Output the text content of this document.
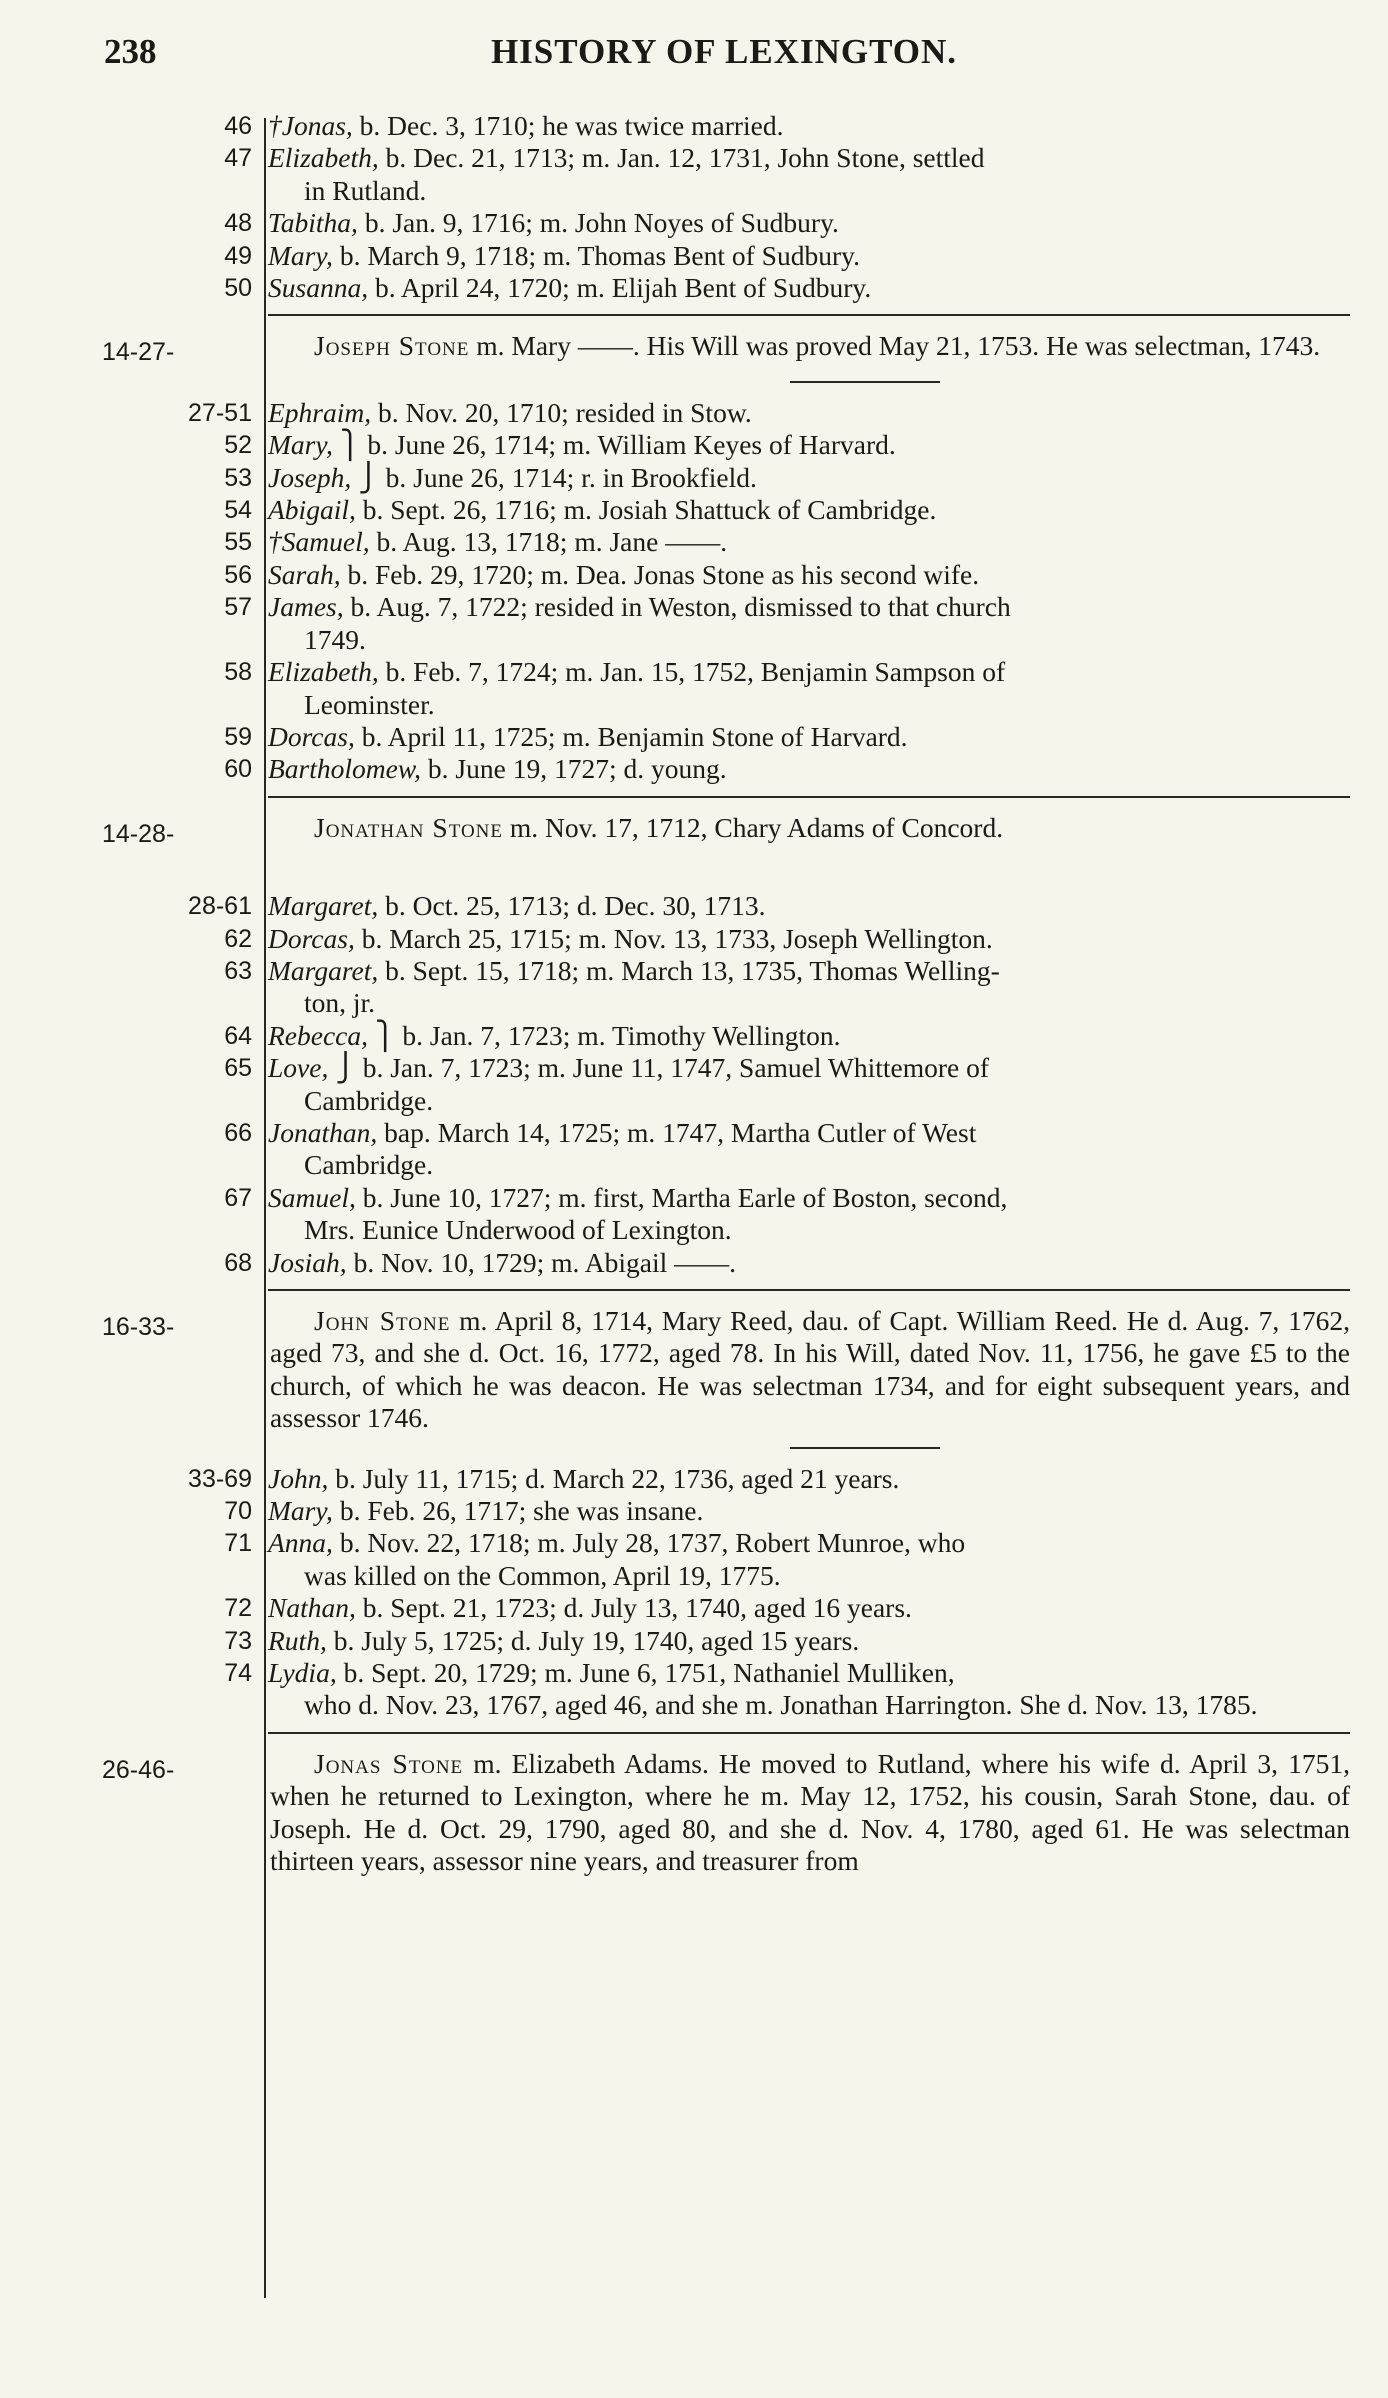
238	HISTORY OF LEXINGTON.
46 †Jonas, b. Dec. 3, 1710; he was twice married.
47 Elizabeth, b. Dec. 21, 1713; m. Jan. 12, 1731, John Stone, settled
in Rutland.
48 Tabitha, b. Jan. 9, 1716; m. John Noyes of Sudbury.
49 Mary, b. March 9, 1718; m. Thomas Bent of Sudbury.
50 Susanna, b. April 24, 1720; m. Elijah Bent of Sudbury.
14-27-	Joseph Stone m. Mary ——. His Will was proved May 21, 1753. He was selectman, 1743.
27-51 Ephraim, b. Nov. 20, 1710; resided in Stow.
52 Mary, ⎫ b. June 26, 1714; m. William Keyes of Harvard.
53 Joseph, ⎭ b. June 26, 1714; r. in Brookfield.
54 Abigail, b. Sept. 26, 1716; m. Josiah Shattuck of Cambridge.
55 †Samuel, b. Aug. 13, 1718; m. Jane ——.
56 Sarah, b. Feb. 29, 1720; m. Dea. Jonas Stone as his second wife.
57 James, b. Aug. 7, 1722; resided in Weston, dismissed to that church
1749.
58 Elizabeth, b. Feb. 7, 1724; m. Jan. 15, 1752, Benjamin Sampson of
Leominster.
59 Dorcas, b. April 11, 1725; m. Benjamin Stone of Harvard.
60 Bartholomew, b. June 19, 1727; d. young.
14-28-	Jonathan Stone m. Nov. 17, 1712, Chary Adams of Concord.
28-61 Margaret, b. Oct. 25, 1713; d. Dec. 30, 1713.
62 Dorcas, b. March 25, 1715; m. Nov. 13, 1733, Joseph Wellington.
63 Margaret, b. Sept. 15, 1718; m. March 13, 1735, Thomas Welling-
ton, jr.
64 Rebecca, ⎫ b. Jan. 7, 1723; m. Timothy Wellington.
65 Love, ⎭ b. Jan. 7, 1723; m. June 11, 1747, Samuel Whittemore of
Cambridge.
66 Jonathan, bap. March 14, 1725; m. 1747, Martha Cutler of West
Cambridge.
67 Samuel, b. June 10, 1727; m. first, Martha Earle of Boston, second,
Mrs. Eunice Underwood of Lexington.
68 Josiah, b. Nov. 10, 1729; m. Abigail ——.
16-33-	John Stone m. April 8, 1714, Mary Reed, dau. of Capt. William Reed. He d. Aug. 7, 1762, aged 73, and she d. Oct. 16, 1772, aged 78. In his Will, dated Nov. 11, 1756, he gave £5 to the church, of which he was deacon. He was selectman 1734, and for eight subsequent years, and assessor 1746.
33-69 John, b. July 11, 1715; d. March 22, 1736, aged 21 years.
70 Mary, b. Feb. 26, 1717; she was insane.
71 Anna, b. Nov. 22, 1718; m. July 28, 1737, Robert Munroe, who
was killed on the Common, April 19, 1775.
72 Nathan, b. Sept. 21, 1723; d. July 13, 1740, aged 16 years.
73 Ruth, b. July 5, 1725; d. July 19, 1740, aged 15 years.
74 Lydia, b. Sept. 20, 1729; m. June 6, 1751, Nathaniel Mulliken,
who d. Nov. 23, 1767, aged 46, and she m. Jonathan Harrington. She d. Nov. 13, 1785.
26-46-	Jonas Stone m. Elizabeth Adams. He moved to Rutland, where his wife d. April 3, 1751, when he returned to Lexington, where he m. May 12, 1752, his cousin, Sarah Stone, dau. of Joseph. He d. Oct. 29, 1790, aged 80, and she d. Nov. 4, 1780, aged 61. He was selectman thirteen years, assessor nine years, and treasurer from
